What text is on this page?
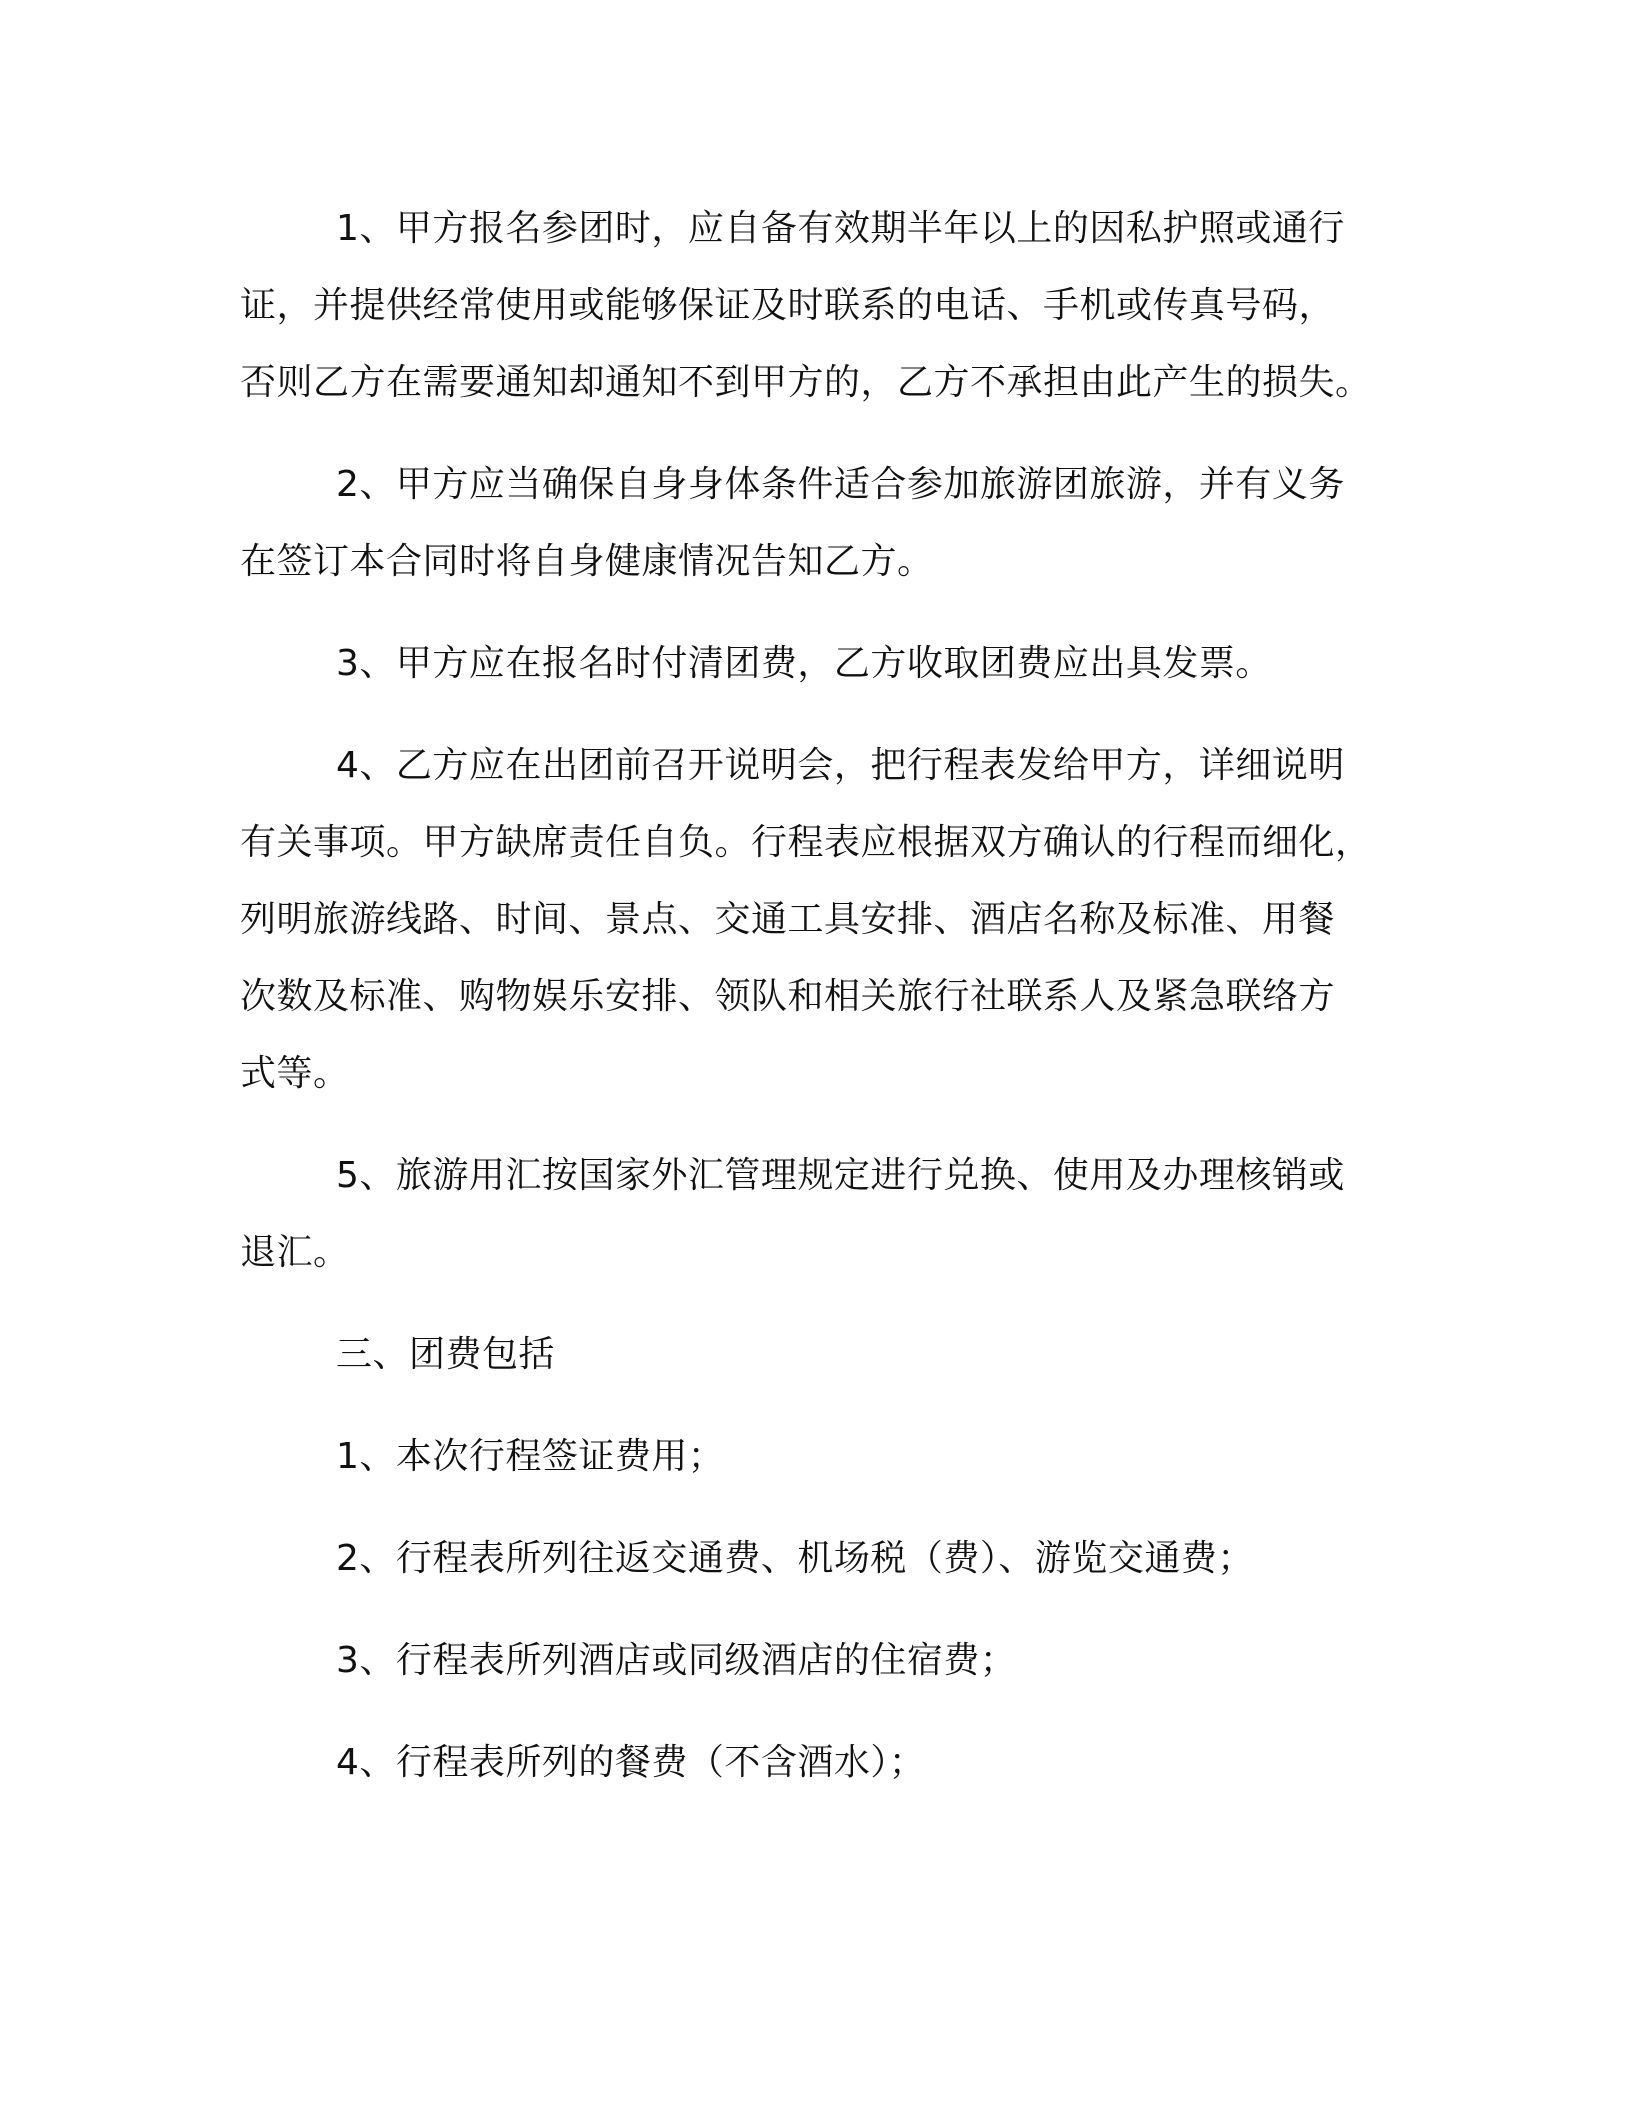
1、甲方报名参团时，应自备有效期半年以上的因私护照或通行
证，并提供经常使用或能够保证及时联系的电话、手机或传真号码，
否则乙方在需要通知却通知不到甲方的，乙方不承担由此产生的损失。
2、甲方应当确保自身身体条件适合参加旅游团旅游，并有义务
在签订本合同时将自身健康情况告知乙方。
3、甲方应在报名时付清团费，乙方收取团费应出具发票。
4、乙方应在出团前召开说明会，把行程表发给甲方，详细说明
有关事项。甲方缺席责任自负。行程表应根据双方确认的行程而细化，
列明旅游线路、时间、景点、交通工具安排、酒店名称及标准、用餐
次数及标准、购物娱乐安排、领队和相关旅行社联系人及紧急联络方
式等。
5、旅游用汇按国家外汇管理规定进行兑换、使用及办理核销或
退汇。
三、团费包括
1、本次行程签证费用；
2、行程表所列往返交通费、机场税（费）、游览交通费；
3、行程表所列酒店或同级酒店的住宿费；
4、行程表所列的餐费（不含酒水）；
